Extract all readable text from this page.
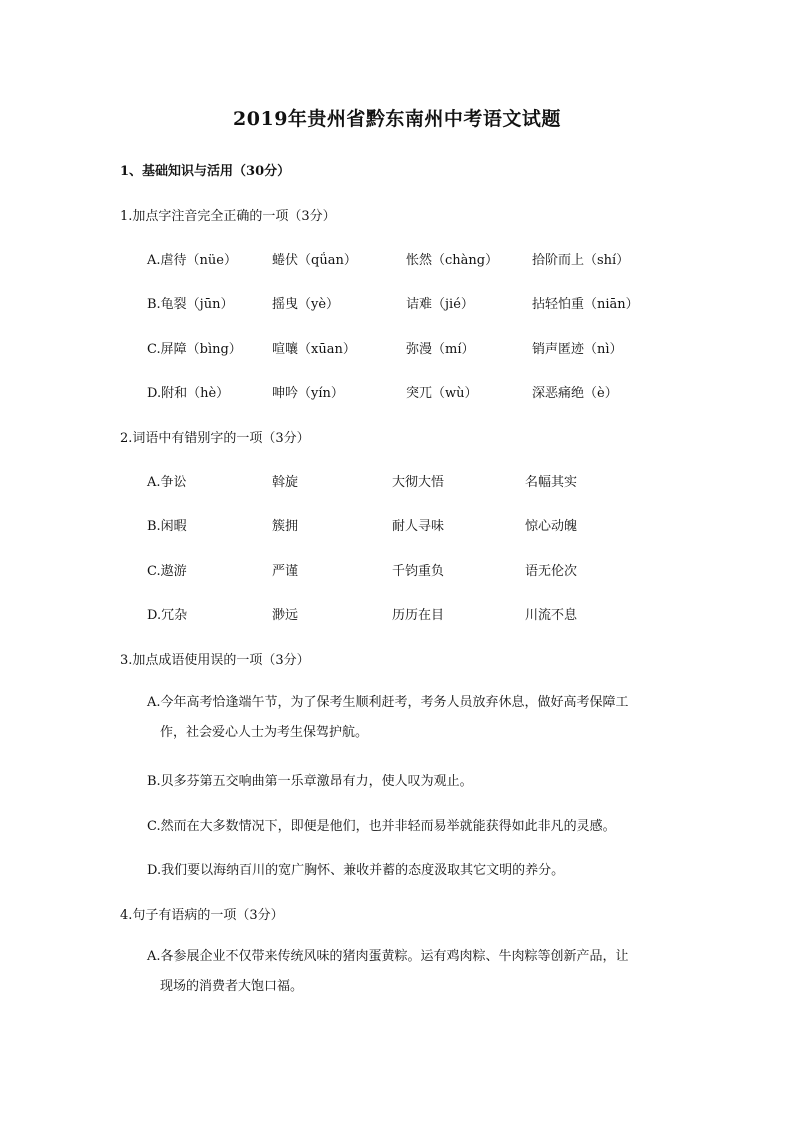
2019年贵州省黔东南州中考语文试题
1、基础知识与活用（30分）
1.加点字注音完全正确的一项（3分）
A.虐待（nüe）	蜷伏（qǘan）	怅然（chàng）	拾阶而上（shí）
B.龟裂（jūn）	摇曳（yè）	诘难（jié）	拈轻怕重（niān）
C.屏障（bìng） 喧嚷（xūan）	弥漫（mí）	销声匿迹（nì）
D.附和（hè）	呻吟（yín）	突兀（wù）	深恶痛绝（è）
2.词语中有错别字的一项（3分）
A.争讼	斡旋	大彻大悟	名幅其实
B.闲暇	簇拥	耐人寻味	惊心动魄
C.遨游	严谨	千钧重负	语无伦次
D.冗杂	渺远	历历在目	川流不息
3.加点成语使用误的一项（3分）
A.今年高考恰逢端午节，为了保考生顺利赶考，考务人员放弃休息，做好高考保障工
作，社会爱心人士为考生保驾护航。
B.贝多芬第五交响曲第一乐章激昂有力，使人叹为观止。
C.然而在大多数情况下，即便是他们，也并非轻而易举就能获得如此非凡的灵感。
D.我们要以海纳百川的宽广胸怀、兼收并蓄的态度汲取其它文明的养分。
4.句子有语病的一项（3分）
A.各参展企业不仅带来传统风味的猪肉蛋黄粽。运有鸡肉粽、牛肉粽等创新产品，让
现场的消费者大饱口福。
